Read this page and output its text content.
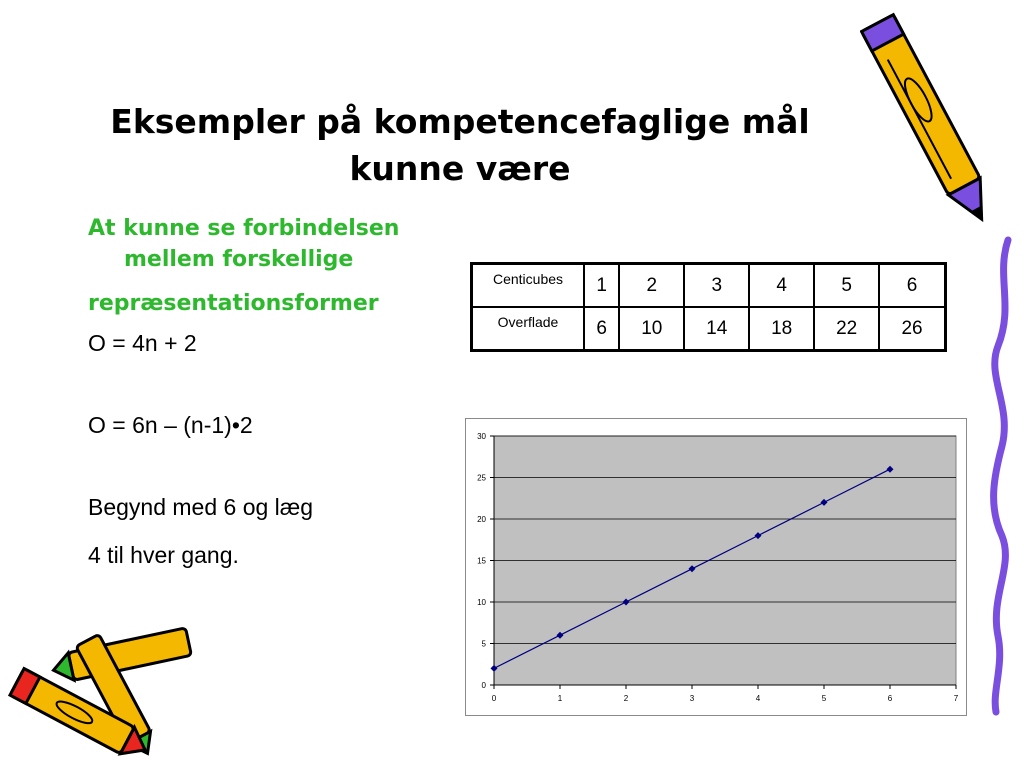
Eksempler på kompetencefaglige mål
kunne være
At kunne se forbindelsen
mellem forskellige
repræsentationsformer
O = 4n + 2
O = 6n – (n-1)•2
Begynd med 6 og læg
4 til hver gang.
Centicubes	1	2	3	4	5	6
Overflade	6	10	14	18	22	26
0
5
10
15
20
25
30
0	1	2	3	4	5	6	7
